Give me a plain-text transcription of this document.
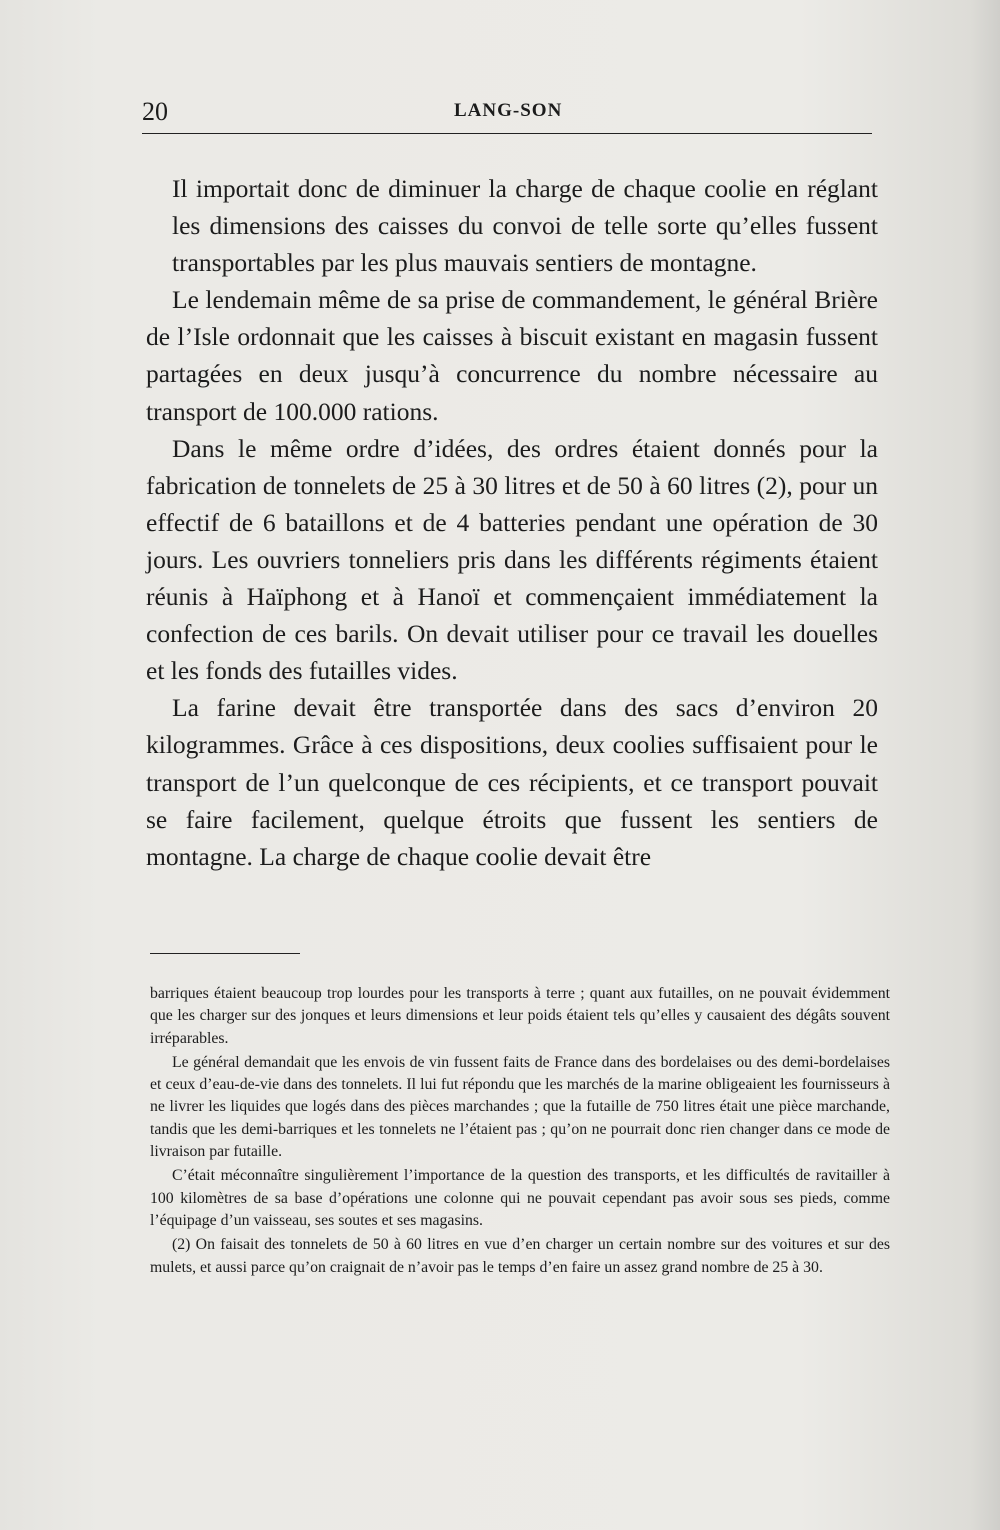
20	LANG-SON

Il importait donc de diminuer la charge de chaque coolie en réglant les dimensions des caisses du convoi de telle sorte qu’elles fussent transportables par les plus mauvais sentiers de montagne.

Le lendemain même de sa prise de commandement, le général Brière de l’Isle ordonnait que les caisses à biscuit existant en magasin fussent partagées en deux jusqu’à concurrence du nombre nécessaire au transport de 100.000 rations.

Dans le même ordre d’idées, des ordres étaient donnés pour la fabrication de tonnelets de 25 à 30 litres et de 50 à 60 litres (2), pour un effectif de 6 bataillons et de 4 batteries pendant une opération de 30 jours. Les ouvriers tonneliers pris dans les différents régiments étaient réunis à Haïphong et à Hanoï et commençaient immédiatement la confection de ces barils. On devait utiliser pour ce travail les douelles et les fonds des futailles vides.

La farine devait être transportée dans des sacs d’environ 20 kilogrammes. Grâce à ces dispositions, deux coolies suffisaient pour le transport de l’un quelconque de ces récipients, et ce transport pouvait se faire facilement, quelque étroits que fussent les sentiers de montagne. La charge de chaque coolie devait être

barriques étaient beaucoup trop lourdes pour les transports à terre ; quant aux futailles, on ne pouvait évidemment que les charger sur des jonques et leurs dimensions et leur poids étaient tels qu’elles y causaient des dégâts souvent irréparables.

Le général demandait que les envois de vin fussent faits de France dans des bordelaises ou des demi-bordelaises et ceux d’eau-de-vie dans des tonnelets. Il lui fut répondu que les marchés de la marine obligeaient les fournisseurs à ne livrer les liquides que logés dans des pièces marchandes ; que la futaille de 750 litres était une pièce marchande, tandis que les demi-barriques et les tonnelets ne l’étaient pas ; qu’on ne pourrait donc rien changer dans ce mode de livraison par futaille.

C’était méconnaître singulièrement l’importance de la question des transports, et les difficultés de ravitailler à 100 kilomètres de sa base d’opérations une colonne qui ne pouvait cependant pas avoir sous ses pieds, comme l’équipage d’un vaisseau, ses soutes et ses magasins.

(2) On faisait des tonnelets de 50 à 60 litres en vue d’en charger un certain nombre sur des voitures et sur des mulets, et aussi parce qu’on craignait de n’avoir pas le temps d’en faire un assez grand nombre de 25 à 30.
